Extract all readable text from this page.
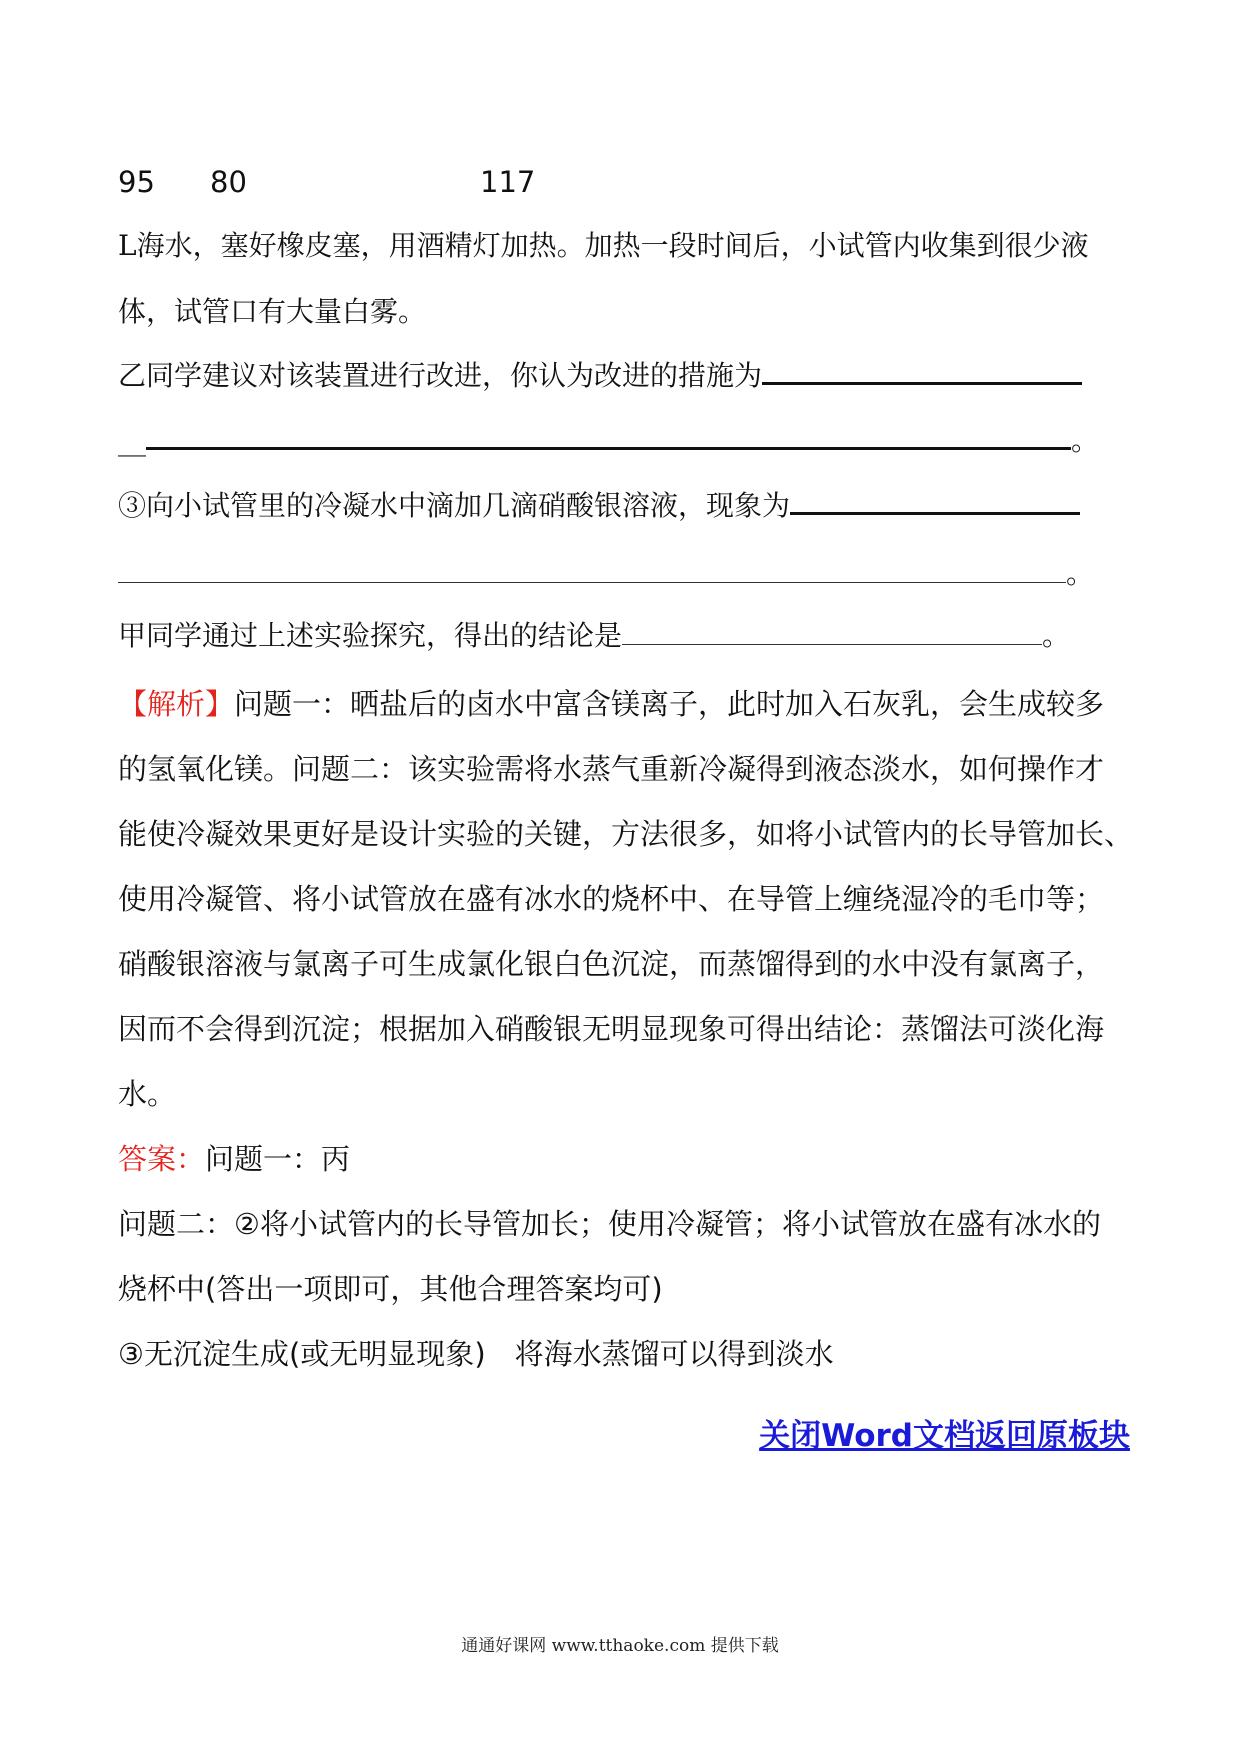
95 80	117
L海水，塞好橡皮塞，用酒精灯加热。加热一段时间后，小试管内收集到很少液
体，试管口有大量白雾。
乙同学建议对该装置进行改进，你认为改进的措施为
__	。
③向小试管里的冷凝水中滴加几滴硝酸银溶液，现象为
。
甲同学通过上述实验探究，得出的结论是	。
【解析】问题一：晒盐后的卤水中富含镁离子，此时加入石灰乳，会生成较多
的氢氧化镁。问题二：该实验需将水蒸气重新冷凝得到液态淡水，如何操作才
能使冷凝效果更好是设计实验的关键，方法很多，如将小试管内的长导管加长、
使用冷凝管、将小试管放在盛有冰水的烧杯中、在导管上缠绕湿冷的毛巾等；
硝酸银溶液与氯离子可生成氯化银白色沉淀，而蒸馏得到的水中没有氯离子，
因而不会得到沉淀；根据加入硝酸银无明显现象可得出结论：蒸馏法可淡化海
水。
答案：问题一：丙
问题二：②将小试管内的长导管加长；使用冷凝管；将小试管放在盛有冰水的
烧杯中(答出一项即可，其他合理答案均可)
③无沉淀生成(或无明显现象)　将海水蒸馏可以得到淡水
关闭Word文档返回原板块
通通好课网 www.tthaoke.com 提供下载
